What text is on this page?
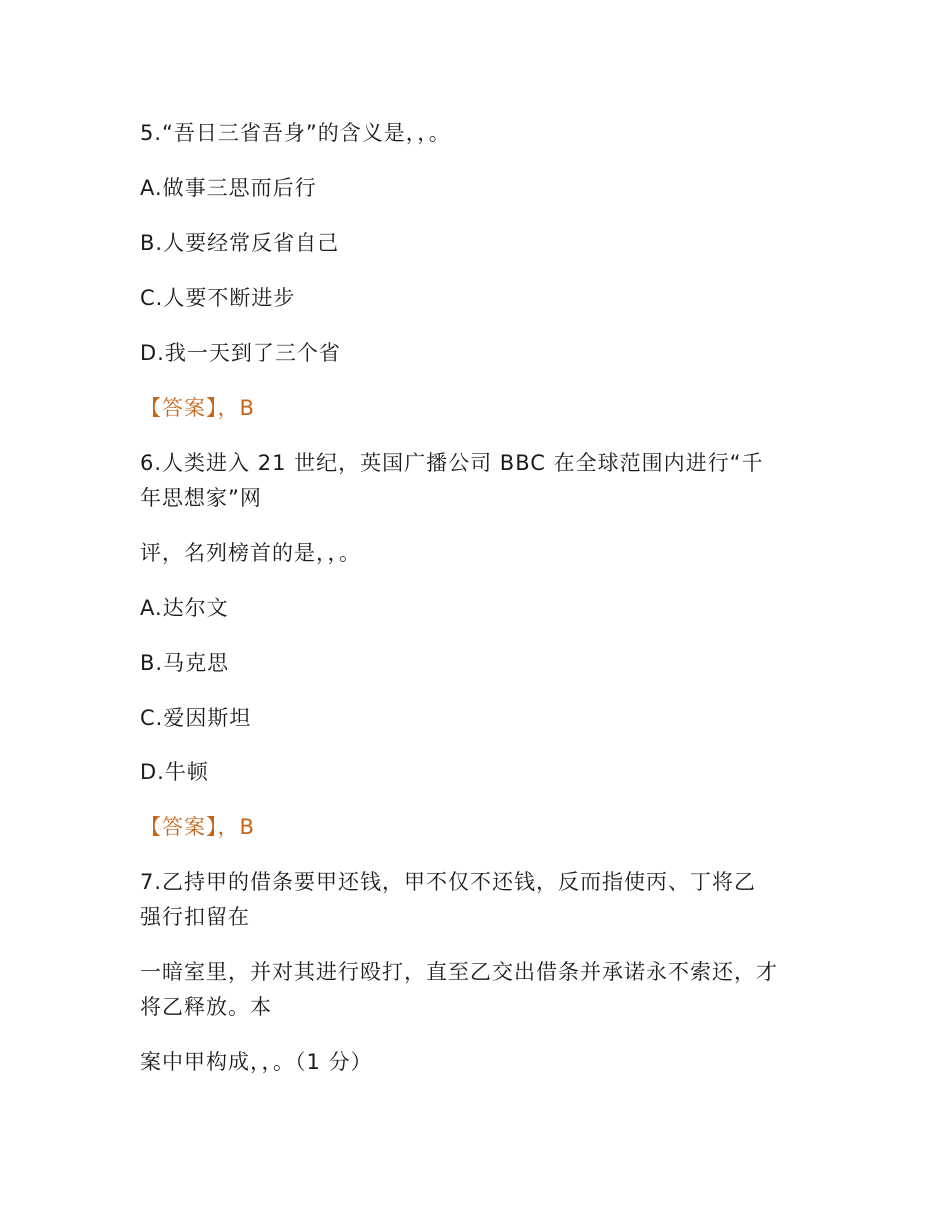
5.“吾日三省吾身”的含义是，，。
A.做事三思而后行
B.人要经常反省自己
C.人要不断进步
D.我一天到了三个省
【答案】，B
6.人类进入 21 世纪，英国广播公司 BBC 在全球范围内进行“千
年思想家”网
评，名列榜首的是，，。
A.达尔文
B.马克思
C.爱因斯坦
D.牛顿
【答案】，B
7.乙持甲的借条要甲还钱，甲不仅不还钱，反而指使丙、丁将乙
强行扣留在
一暗室里，并对其进行殴打，直至乙交出借条并承诺永不索还，才
将乙释放。本
案中甲构成，，。（1 分）
